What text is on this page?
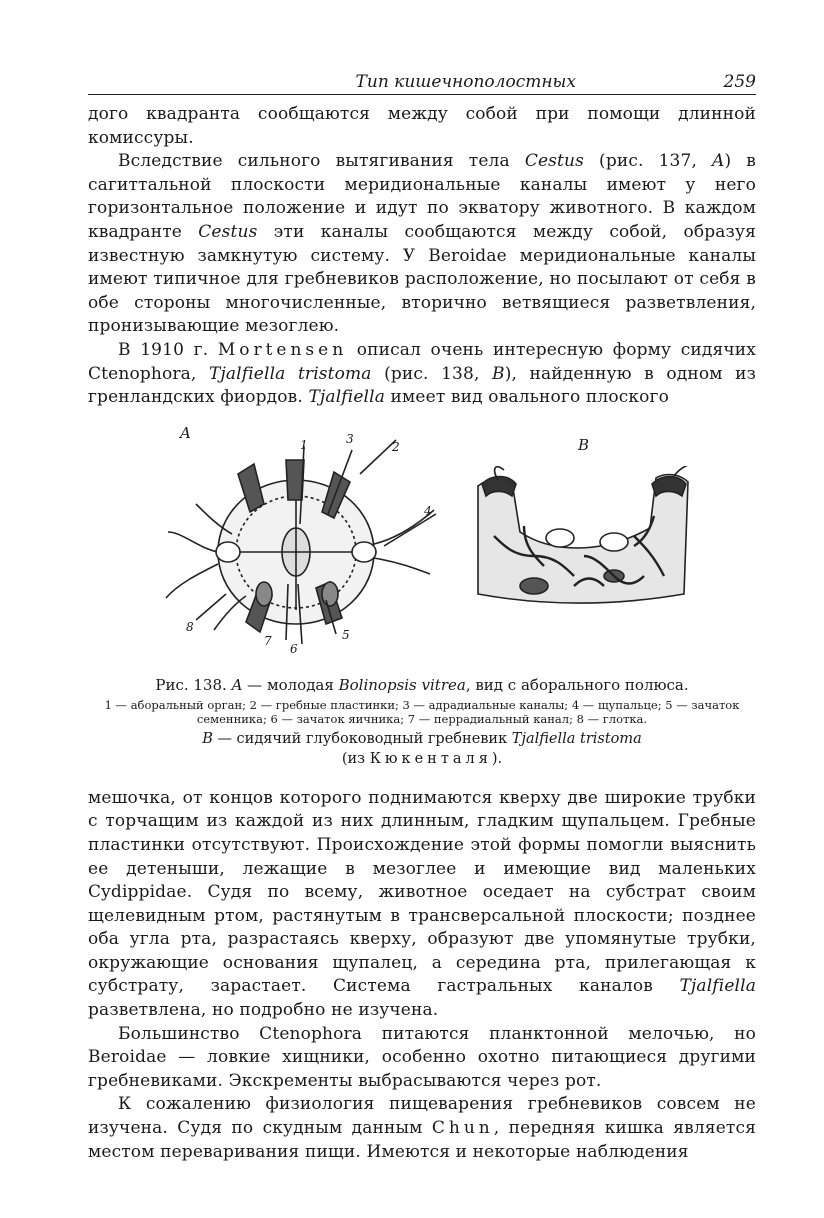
Тип кишечнополостных	259

дого квадранта сообщаются между собой при помощи длинной комиссуры.

Вследствие сильного вытягивания тела Cestus (рис. 137, A) в сагиттальной плоскости меридиональные каналы имеют у него горизонтальное положение и идут по экватору животного. В каждом квадранте Cestus эти каналы сообщаются между собой, образуя известную замкнутую систему. У Beroidae меридиональные каналы имеют типичное для гребневиков расположение, но посылают от себя в обе стороны многочисленные, вторично ветвящиеся разветвления, пронизывающие мезоглею.

В 1910 г. Mortensen описал очень интересную форму сидячих Ctenophora, Tjalfiella tristoma (рис. 138, B), найденную в одном из гренландских фиордов. Tjalfiella имеет вид овального плоского

A
B
1	2
3
4
5
6
7
8
Рис. 138. A — молодая Bolinopsis vitrea, вид с аборального полюса.
1 — аборальный орган; 2 — гребные пластинки; 3 — адрадиальные каналы; 4 — щупальце; 5 — зачаток семенника; 6 — зачаток яичника; 7 — перрадиальный канал; 8 — глотка.
B — сидячий глубоководный гребневик Tjalfiella tristoma
(из Кюкенталя).

мешочка, от концов которого поднимаются кверху две широкие трубки с торчащим из каждой из них длинным, гладким щупальцем. Гребные пластинки отсутствуют. Происхождение этой формы помогли выяснить ее детеныши, лежащие в мезоглее и имеющие вид маленьких Cydippidae. Судя по всему, животное оседает на субстрат своим щелевидным ртом, растянутым в трансверсальной плоскости; позднее оба угла рта, разрастаясь кверху, образуют две упомянутые трубки, окружающие основания щупалец, а середина рта, прилегающая к субстрату, зарастает. Система гастральных каналов Tjalfiella разветвлена, но подробно не изучена.

Большинство Ctenophora питаются планктонной мелочью, но Beroidae — ловкие хищники, особенно охотно питающиеся другими гребневиками. Экскременты выбрасываются через рот.

К сожалению физиология пищеварения гребневиков совсем не изучена. Судя по скудным данным Chun, передняя кишка является местом переваривания пищи. Имеются и некоторые наблюдения
